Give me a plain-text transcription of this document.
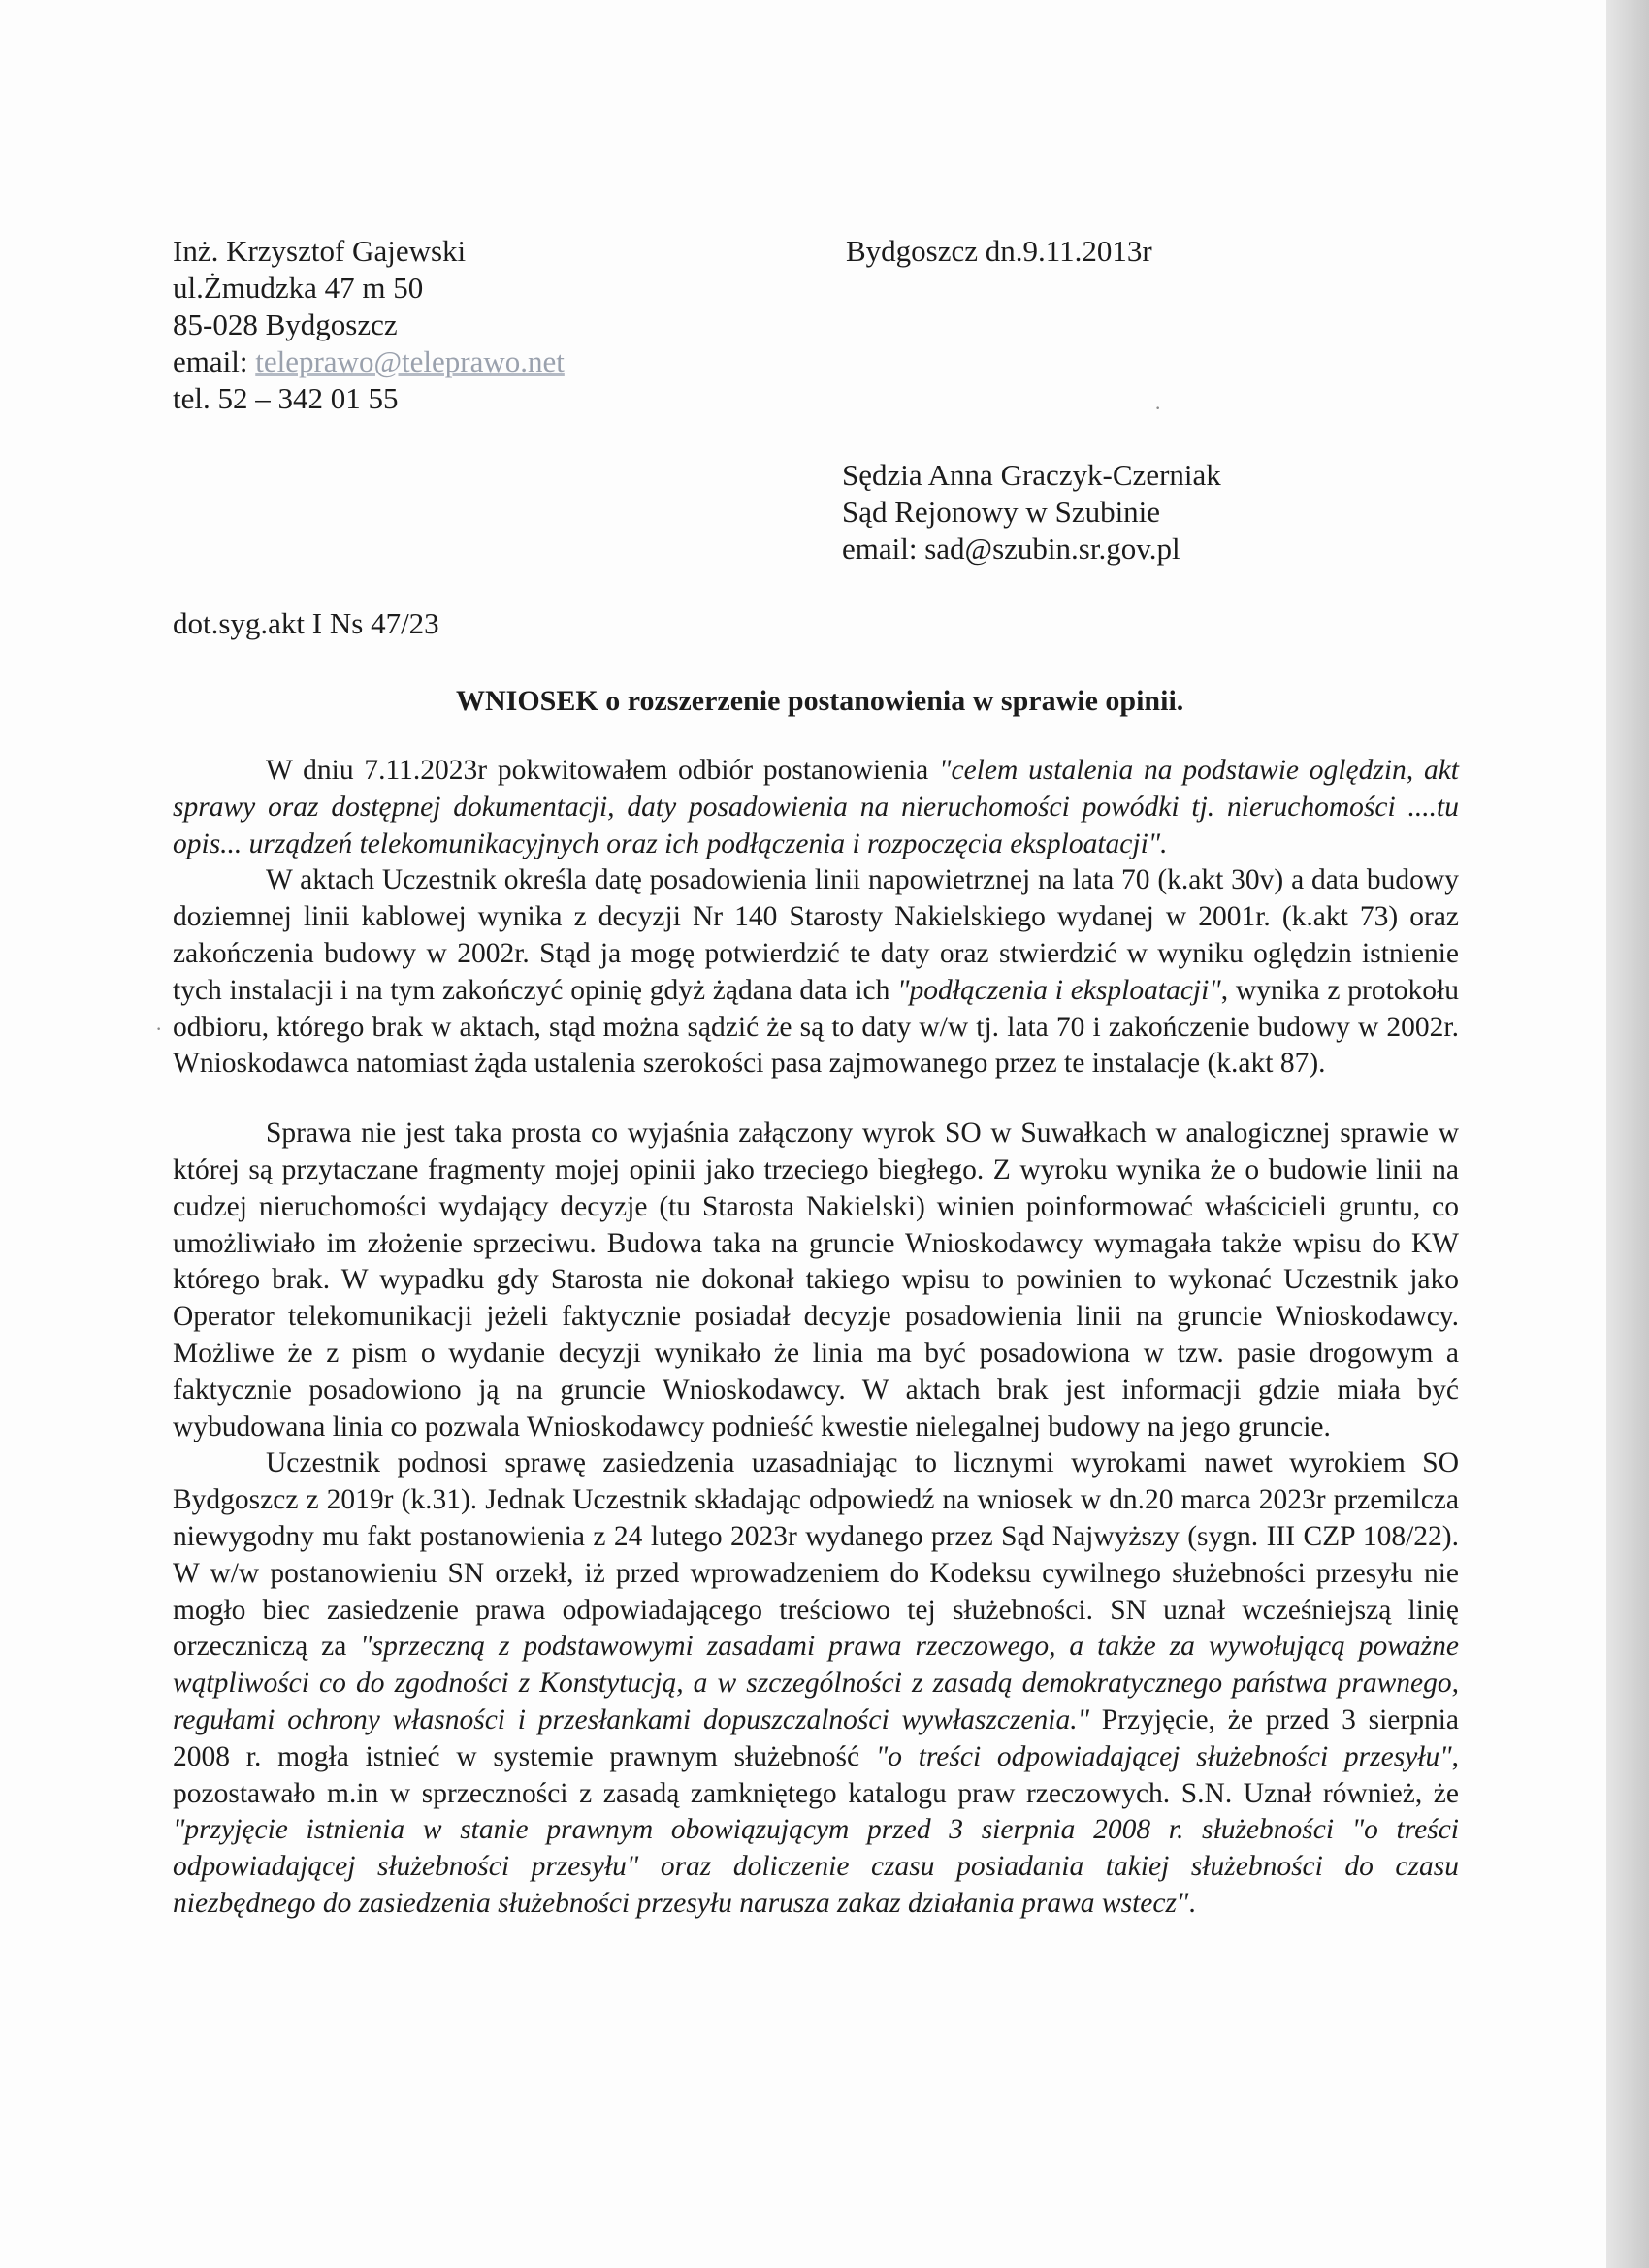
·
·
Inż. Krzysztof Gajewski
ul.Żmudzka 47 m 50
85-028 Bydgoszcz
email: teleprawo@teleprawo.net
tel. 52 – 342 01 55
Bydgoszcz dn.9.11.2013r
Sędzia Anna Graczyk-Czerniak
Sąd Rejonowy w Szubinie
email: sad@szubin.sr.gov.pl
dot.syg.akt I Ns 47/23
WNIOSEK o rozszerzenie postanowienia w sprawie opinii.

W dniu 7.11.2023r pokwitowałem odbiór postanowienia "celem ustalenia na podstawie oględzin, akt sprawy oraz dostępnej dokumentacji, daty posadowienia na nieruchomości powódki tj. nieruchomości ....tu opis... urządzeń telekomunikacyjnych oraz ich podłączenia i rozpoczęcia eksploatacji".

W aktach Uczestnik określa datę posadowienia linii napowietrznej na lata 70 (k.akt 30v) a data budowy doziemnej linii kablowej wynika z decyzji Nr 140 Starosty Nakielskiego wydanej w 2001r. (k.akt 73) oraz zakończenia budowy w 2002r. Stąd ja mogę potwierdzić te daty oraz stwierdzić w wyniku oględzin istnienie tych instalacji i na tym zakończyć opinię gdyż żądana data ich "podłączenia i eksploatacji", wynika z protokołu odbioru, którego brak w aktach, stąd można sądzić że są to daty w/w tj. lata 70 i zakończenie budowy w 2002r. Wnioskodawca natomiast żąda ustalenia szerokości pasa zajmowanego przez te instalacje (k.akt 87).

Sprawa nie jest taka prosta co wyjaśnia załączony wyrok SO w Suwałkach w analogicznej sprawie w której są przytaczane fragmenty mojej opinii jako trzeciego biegłego. Z wyroku wynika że o budowie linii na cudzej nieruchomości wydający decyzje (tu Starosta Nakielski) winien poinformować właścicieli gruntu, co umożliwiało im złożenie sprzeciwu. Budowa taka na gruncie Wnioskodawcy wymagała także wpisu do KW którego brak. W wypadku gdy Starosta nie dokonał takiego wpisu to powinien to wykonać Uczestnik jako Operator telekomunikacji jeżeli faktycznie posiadał decyzje posadowienia linii na gruncie Wnioskodawcy. Możliwe że z pism o wydanie decyzji wynikało że linia ma być posadowiona w tzw. pasie drogowym a faktycznie posadowiono ją na gruncie Wnioskodawcy. W aktach brak jest informacji gdzie miała być wybudowana linia co pozwala Wnioskodawcy podnieść kwestie nielegalnej budowy na jego gruncie.

Uczestnik podnosi sprawę zasiedzenia uzasadniając to licznymi wyrokami nawet wyrokiem SO Bydgoszcz z 2019r (k.31). Jednak Uczestnik składając odpowiedź na wniosek w dn.20 marca 2023r przemilcza niewygodny mu fakt postanowienia z 24 lutego 2023r wydanego przez Sąd Najwyższy (sygn. III CZP 108/22). W w/w postanowieniu SN orzekł, iż przed wprowadzeniem do Kodeksu cywilnego służebności przesyłu nie mogło biec zasiedzenie prawa odpowiadającego treściowo tej służebności. SN uznał wcześniejszą linię orzeczniczą za "sprzeczną z podstawowymi zasadami prawa rzeczowego, a także za wywołującą poważne wątpliwości co do zgodności z Konstytucją, a w szczególności z zasadą demokratycznego państwa prawnego, regułami ochrony własności i przesłankami dopuszczalności wywłaszczenia." Przyjęcie, że przed 3 sierpnia 2008 r. mogła istnieć w systemie prawnym służebność "o treści odpowiadającej służebności przesyłu", pozostawało m.in w sprzeczności z zasadą zamkniętego katalogu praw rzeczowych. S.N. Uznał również, że "przyjęcie istnienia w stanie prawnym obowiązującym przed 3 sierpnia 2008 r. służebności "o treści odpowiadającej służebności przesyłu" oraz doliczenie czasu posiadania takiej służebności do czasu niezbędnego do zasiedzenia służebności przesyłu narusza zakaz działania prawa wstecz".
